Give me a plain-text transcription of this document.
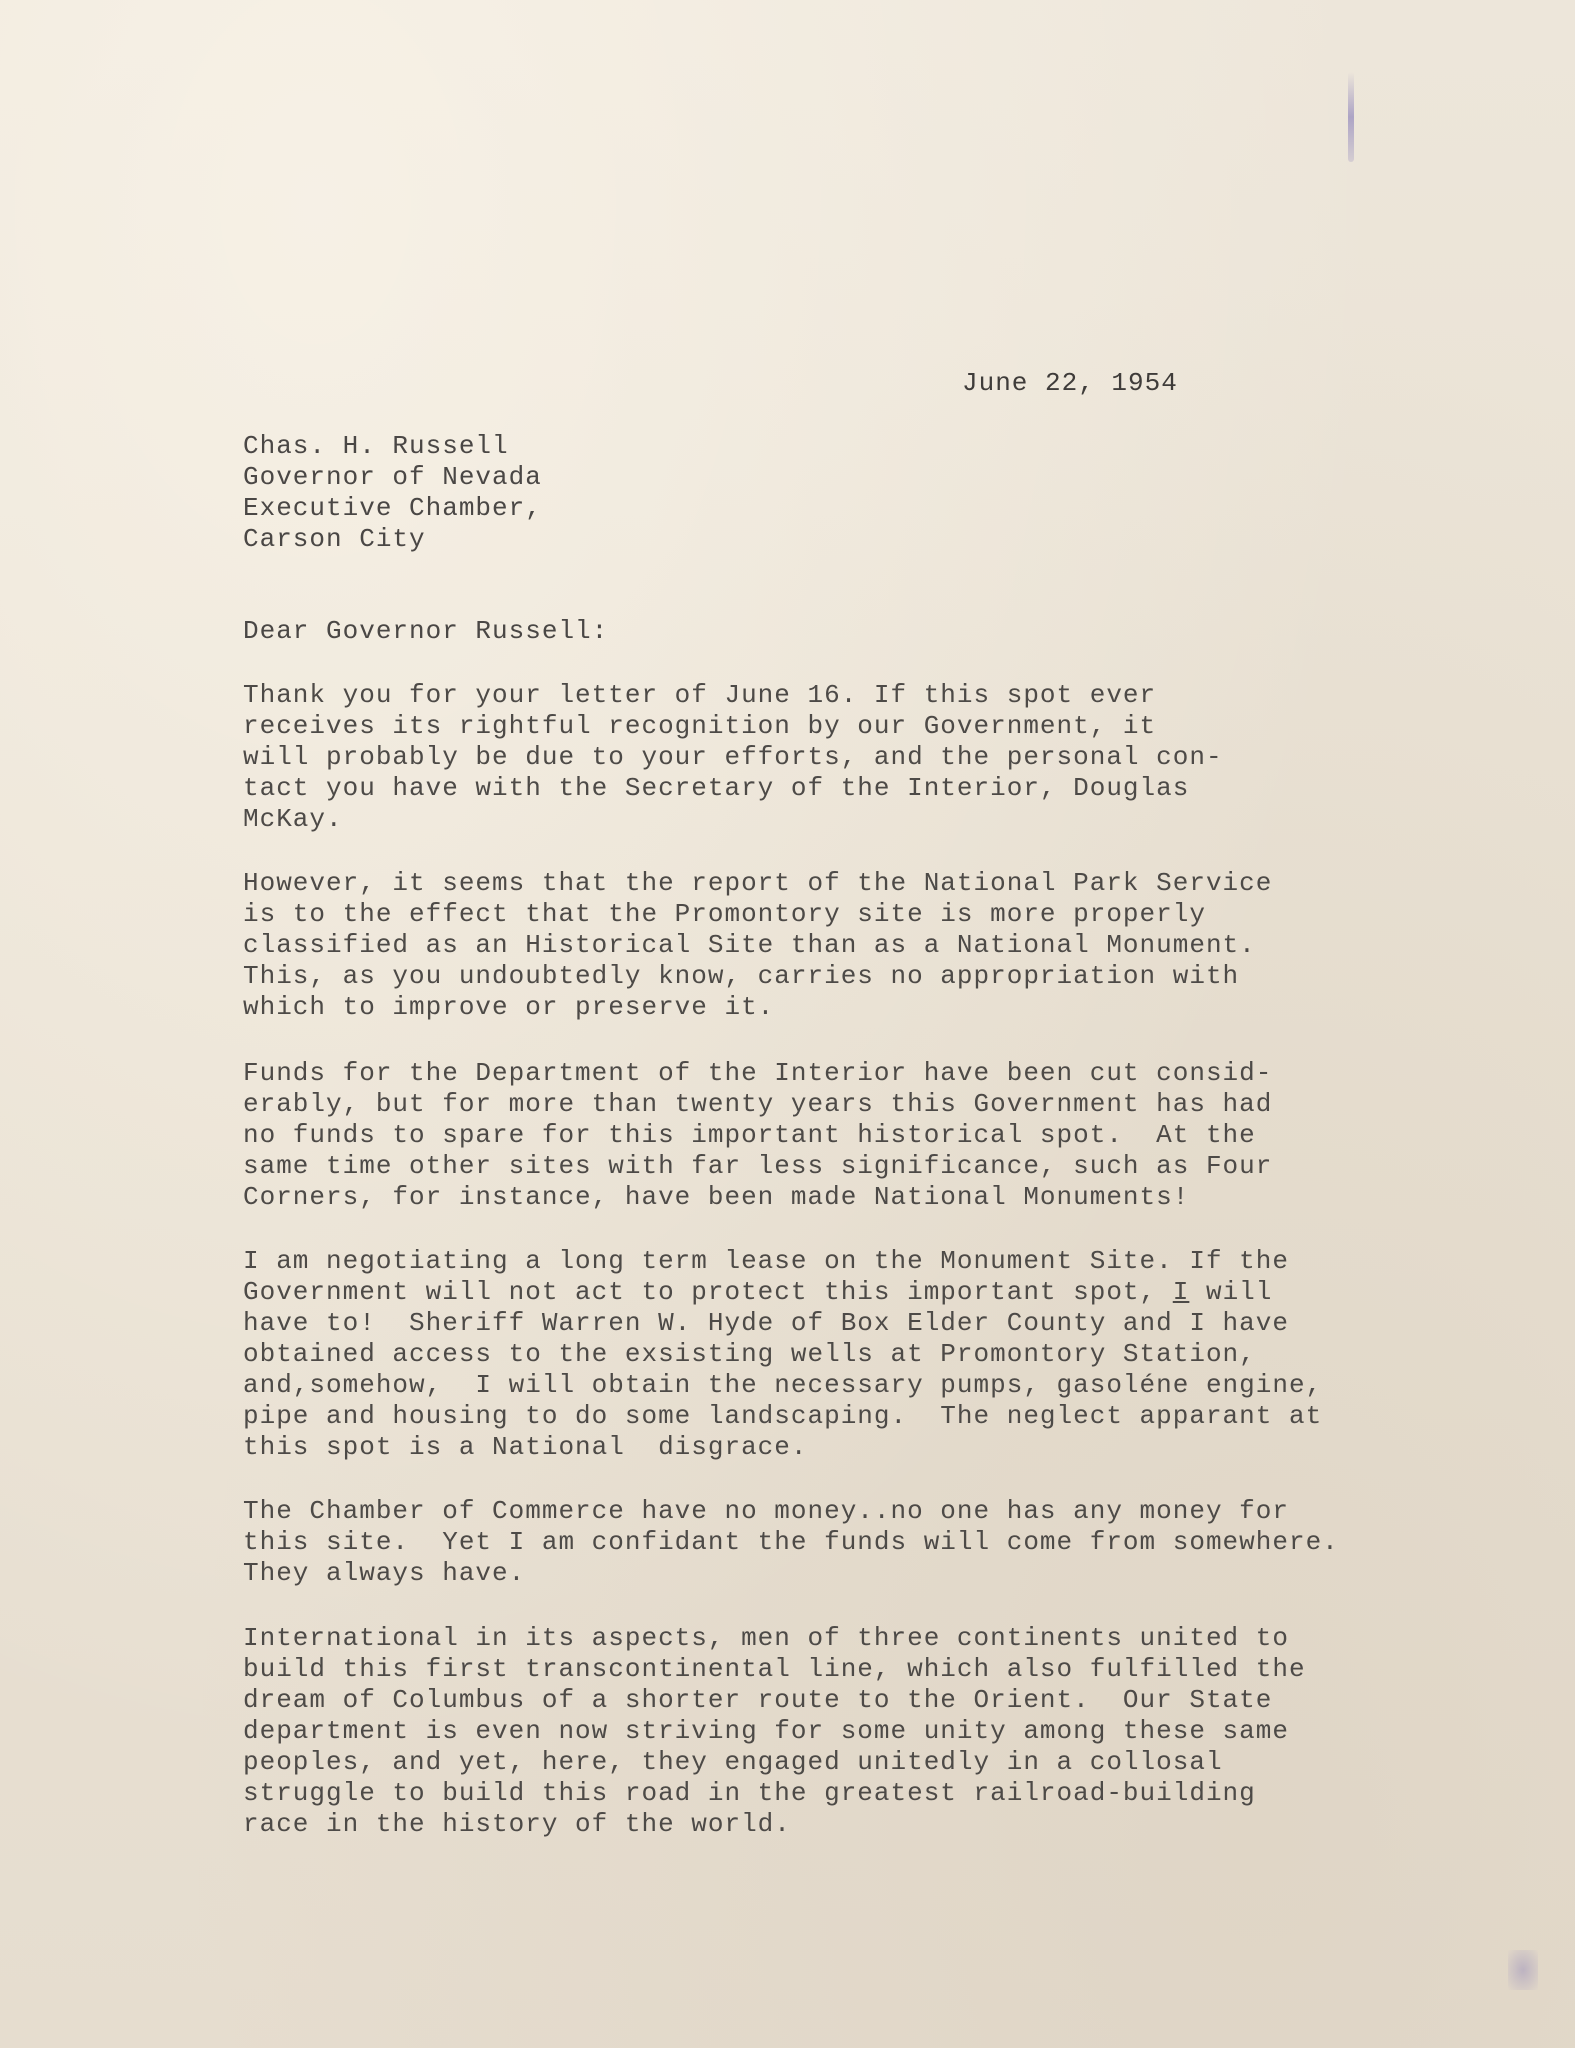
June 22, 1954
Chas. H. Russell
Governor of Nevada
Executive Chamber,
Carson City
Dear Governor Russell:
Thank you for your letter of June 16. If this spot ever
receives its rightful recognition by our Government, it
will probably be due to your efforts, and the personal con-
tact you have with the Secretary of the Interior, Douglas
McKay.
However, it seems that the report of the National Park Service
is to the effect that the Promontory site is more properly
classified as an Historical Site than as a National Monument.
This, as you undoubtedly know, carries no appropriation with
which to improve or preserve it.
Funds for the Department of the Interior have been cut consid-
erably, but for more than twenty years this Government has had
no funds to spare for this important historical spot.  At the
same time other sites with far less significance, such as Four
Corners, for instance, have been made National Monuments!
I am negotiating a long term lease on the Monument Site. If the
Government will not act to protect this important spot, I will
have to!  Sheriff Warren W. Hyde of Box Elder County and I have
obtained access to the exsisting wells at Promontory Station,
and,somehow,  I will obtain the necessary pumps, gasoléne engine,
pipe and housing to do some landscaping.  The neglect apparant at
this spot is a National  disgrace.
The Chamber of Commerce have no money..no one has any money for
this site.  Yet I am confidant the funds will come from somewhere.
They always have.
International in its aspects, men of three continents united to
build this first transcontinental line, which also fulfilled the
dream of Columbus of a shorter route to the Orient.  Our State
department is even now striving for some unity among these same
peoples, and yet, here, they engaged unitedly in a collosal
struggle to build this road in the greatest railroad-building
race in the history of the world.
